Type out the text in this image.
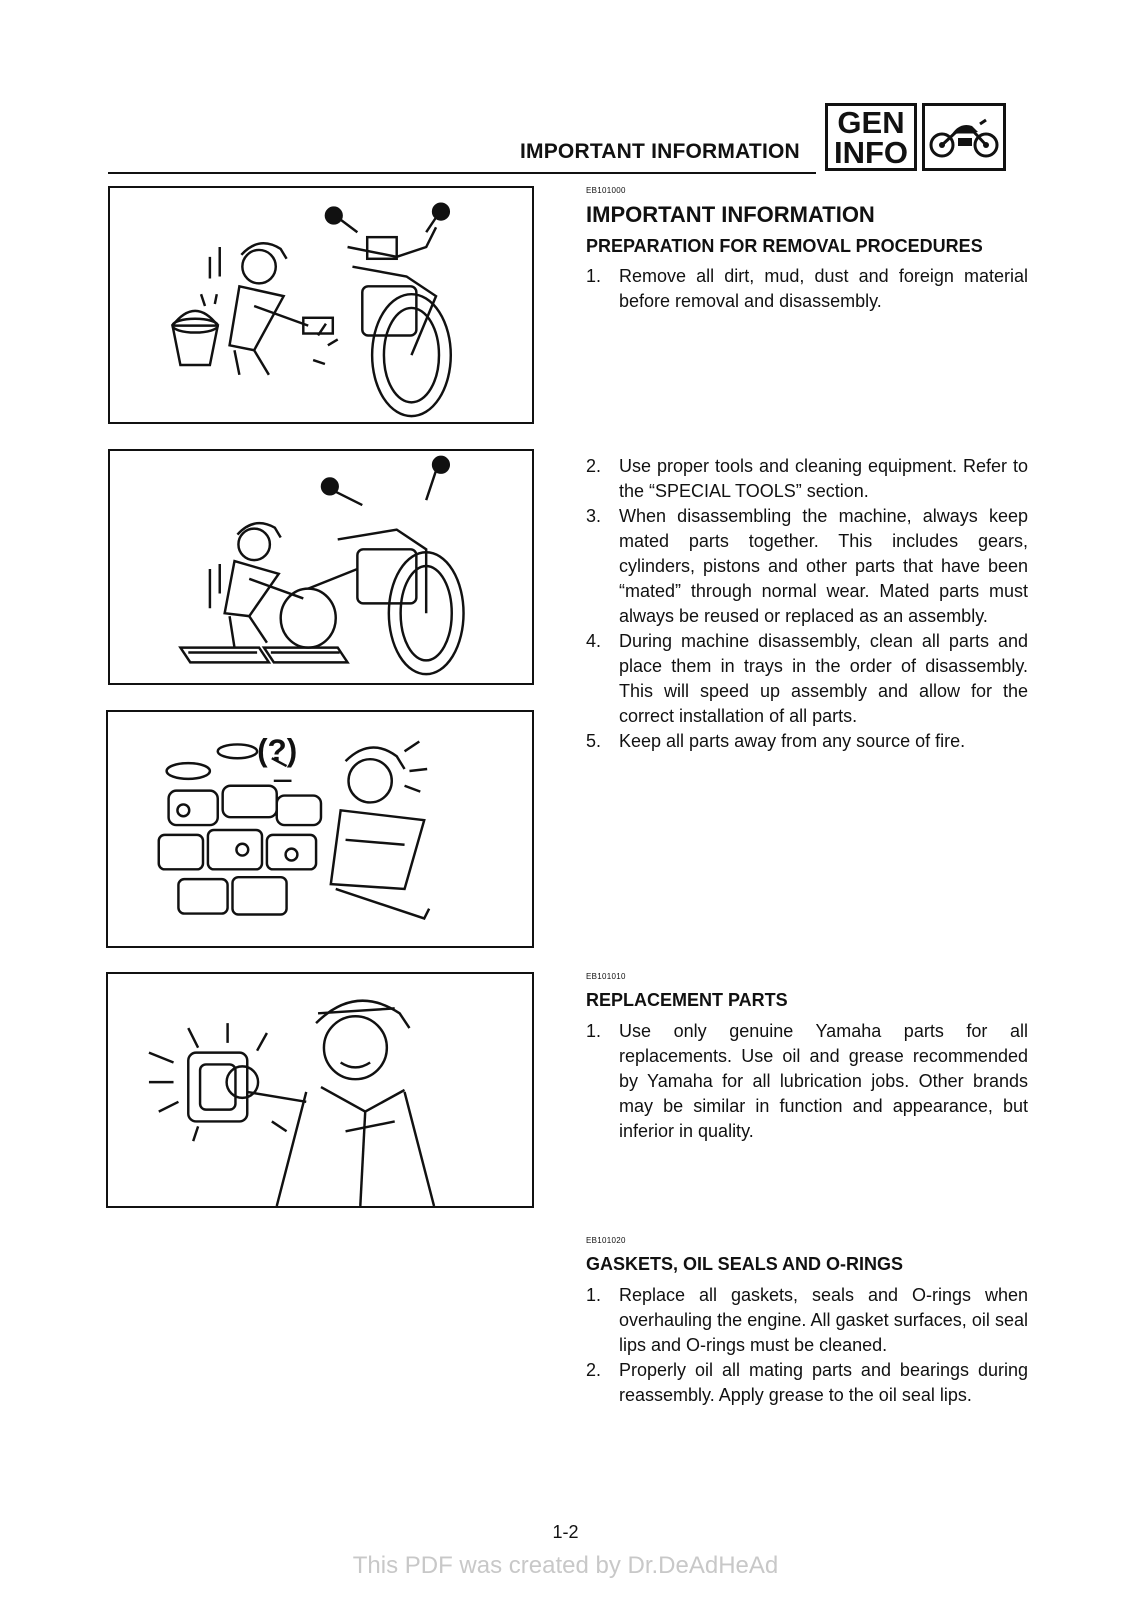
IMPORTANT INFORMATION
GEN
INFO
(?)
EB101000
IMPORTANT INFORMATION
PREPARATION FOR REMOVAL PROCEDURES
1. Remove all dirt, mud, dust and foreign material before removal and disassembly.
2. Use proper tools and cleaning equipment. Refer to the “SPECIAL TOOLS” section.
3. When disassembling the machine, always keep mated parts together. This includes gears, cylinders, pistons and other parts that have been “mated” through normal wear. Mated parts must always be reused or replaced as an assembly.
4. During machine disassembly, clean all parts and place them in trays in the order of disassembly. This will speed up assembly and allow for the correct installation of all parts.
5. Keep all parts away from any source of fire.
EB101010
REPLACEMENT PARTS
1. Use only genuine Yamaha parts for all replacements. Use oil and grease recommended by Yamaha for all lubrication jobs. Other brands may be similar in function and appearance, but inferior in quality.
EB101020
GASKETS, OIL SEALS AND O-RINGS
1. Replace all gaskets, seals and O-rings when overhauling the engine. All gasket surfaces, oil seal lips and O-rings must be cleaned.
2. Properly oil all mating parts and bearings during reassembly. Apply grease to the oil seal lips.
1-2
This PDF was created by Dr.DeAdHeAd
